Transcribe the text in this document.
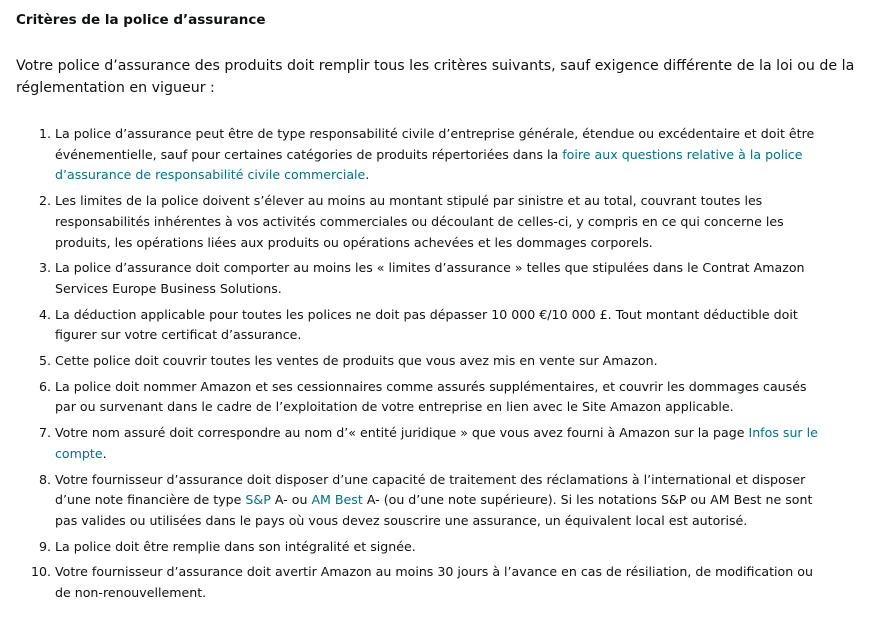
Critères de la police d’assurance

Votre police d’assurance des produits doit remplir tous les critères suivants, sauf exigence différente de la loi ou de la réglementation en vigueur :

1. La police d’assurance peut être de type responsabilité civile d’entreprise générale, étendue ou excédentaire et doit être événementielle, sauf pour certaines catégories de produits répertoriées dans la foire aux questions relative à la police d’assurance de responsabilité civile commerciale.
2. Les limites de la police doivent s’élever au moins au montant stipulé par sinistre et au total, couvrant toutes les responsabilités inhérentes à vos activités commerciales ou découlant de celles-ci, y compris en ce qui concerne les produits, les opérations liées aux produits ou opérations achevées et les dommages corporels.
3. La police d’assurance doit comporter au moins les « limites d’assurance » telles que stipulées dans le Contrat Amazon Services Europe Business Solutions.
4. La déduction applicable pour toutes les polices ne doit pas dépasser 10 000 €/10 000 £. Tout montant déductible doit figurer sur votre certificat d’assurance.
5. Cette police doit couvrir toutes les ventes de produits que vous avez mis en vente sur Amazon.
6. La police doit nommer Amazon et ses cessionnaires comme assurés supplémentaires, et couvrir les dommages causés par ou survenant dans le cadre de l’exploitation de votre entreprise en lien avec le Site Amazon applicable.
7. Votre nom assuré doit correspondre au nom d’« entité juridique » que vous avez fourni à Amazon sur la page Infos sur le compte.
8. Votre fournisseur d’assurance doit disposer d’une capacité de traitement des réclamations à l’international et disposer d’une note financière de type S&P A- ou AM Best A- (ou d’une note supérieure). Si les notations S&P ou AM Best ne sont pas valides ou utilisées dans le pays où vous devez souscrire une assurance, un équivalent local est autorisé.
9. La police doit être remplie dans son intégralité et signée.
10. Votre fournisseur d’assurance doit avertir Amazon au moins 30 jours à l’avance en cas de résiliation, de modification ou de non-renouvellement.
